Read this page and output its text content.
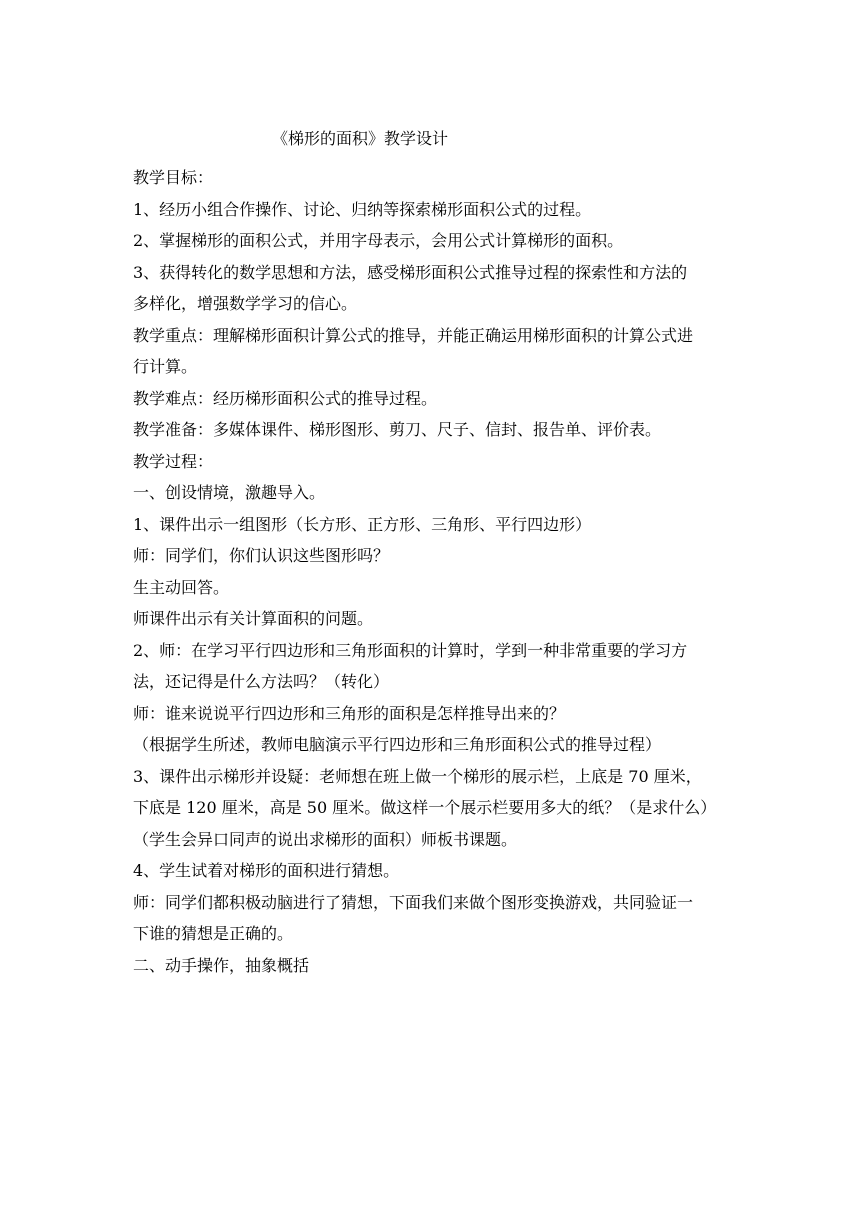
《梯形的面积》教学设计

教学目标：

1、经历小组合作操作、讨论、归纳等探索梯形面积公式的过程。

2、掌握梯形的面积公式，并用字母表示，会用公式计算梯形的面积。

3、获得转化的数学思想和方法，感受梯形面积公式推导过程的探索性和方法的

多样化，增强数学学习的信心。

教学重点：理解梯形面积计算公式的推导，并能正确运用梯形面积的计算公式进

行计算。

教学难点：经历梯形面积公式的推导过程。

教学准备：多媒体课件、梯形图形、剪刀、尺子、信封、报告单、评价表。

教学过程：

一、创设情境，激趣导入。

1、课件出示一组图形（长方形、正方形、三角形、平行四边形）

师：同学们，你们认识这些图形吗？

生主动回答。

师课件出示有关计算面积的问题。

2、师：在学习平行四边形和三角形面积的计算时，学到一种非常重要的学习方

法，还记得是什么方法吗？（转化）

师：谁来说说平行四边形和三角形的面积是怎样推导出来的？

（根据学生所述，教师电脑演示平行四边形和三角形面积公式的推导过程）

3、课件出示梯形并设疑：老师想在班上做一个梯形的展示栏，上底是 70 厘米，

下底是 120 厘米，高是 50 厘米。做这样一个展示栏要用多大的纸？（是求什么）

（学生会异口同声的说出求梯形的面积）师板书课题。

4、学生试着对梯形的面积进行猜想。

师：同学们都积极动脑进行了猜想，下面我们来做个图形变换游戏，共同验证一

下谁的猜想是正确的。

二、动手操作，抽象概括
